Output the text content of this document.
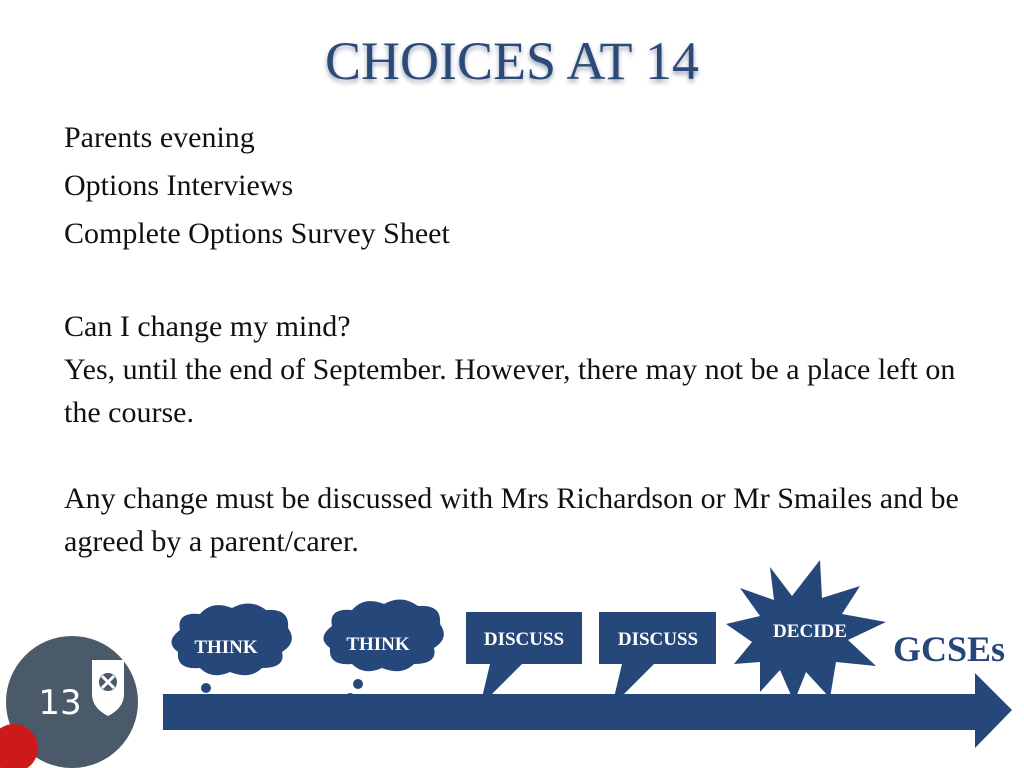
CHOICES AT 14
Parents evening
Options Interviews
Complete Options Survey Sheet
Can I change my mind?
Yes, until the end of September. However, there may not be a place left on the course.
Any change must be discussed with Mrs Richardson or Mr Smailes and be agreed by a parent/carer.
THINK	THINK	DISCUSS	DISCUSS	DECIDE GCSEs
13
